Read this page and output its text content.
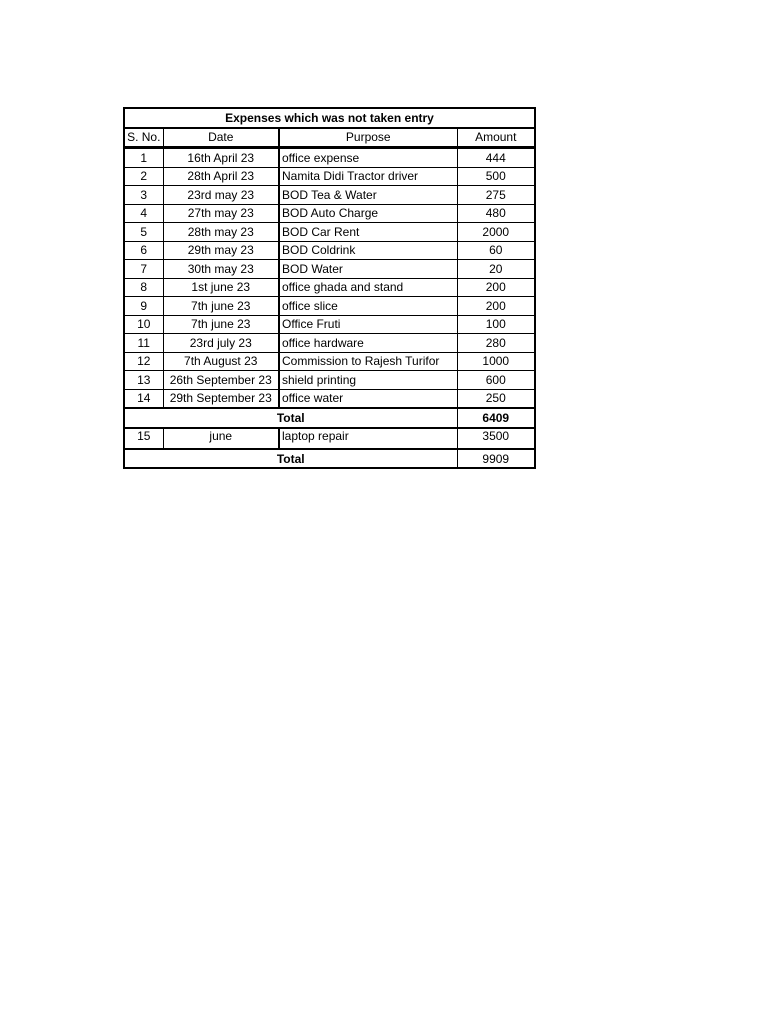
Expenses which was not taken entry			
S. No.	Date	Purpose	Amount
1	16th April 23	office expense	444
2	28th April 23	Namita Didi Tractor driver	500
3	23rd may 23	BOD Tea & Water	275
4	27th may 23	BOD Auto Charge	480
5	28th may 23	BOD Car Rent	2000
6	29th may 23	BOD Coldrink	60
7	30th may 23	BOD Water	20
8	1st june 23	office ghada and stand	200
9	7th june 23	office slice	200
10	7th june 23	Office Fruti	100
11	23rd july 23	office hardware	280
12	7th August 23	Commission to Rajesh Turifor	1000
13	26th September 23	shield printing	600
14	29th September 23	office water	250
Total			6409
15	june	laptop repair	3500
Total			9909
